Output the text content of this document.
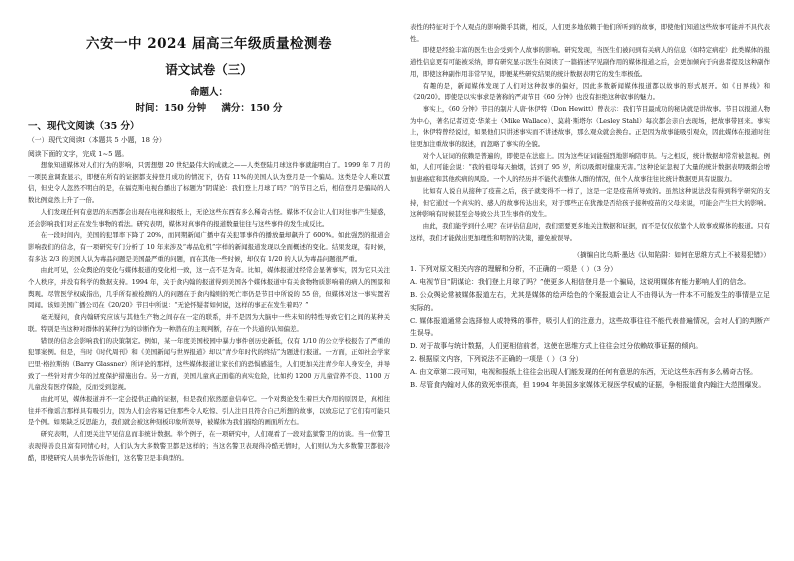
六安一中 2024 届高三年级质量检测卷
语文试卷（三）
命题人：
时间：150 分钟 满分：150 分
一、现代文阅读（35 分）
（一）现代文阅读Ⅰ（本题共 5 小题，18 分）
阅读下面的文字，完成 1~5 题。

想象知道媒体对人们行为的影响，只需想想 20 世纪最伟大的成就之——人类登陆月球这件事就能明白了。1999 年 7 月的一项民意调查显示，即便在所有的证据都支持登月成功的情况下，仍有 11%的美国人认为登月是一个骗局。这类是令人难以置信，但史令人忽然不明白的是，在福克斯电视台播出了标题为“阴谋论：我们登上月球了吗？”的节目之后，相信登月是骗局的人数比例竟然上升了一倍。

人们发现任何有意思的东西都会出现在电视和报纸上，无论这些东西有多么稀奇古怪。媒体不仅会让人们对往事产生疑惑，还会影响我们对正在发生事物的看法。研究表明，媒体对真事件的报道数量往往与这些事件的发生成反比。

在一段时间内，美国的犯罪率下降了 20%，而同期新闻广播中有关犯罪事件的播放量却飙升了 600%。如此强烈的报道会影响我们的信念，有一项研究专门分析了 10 年来涉及“毒品危机”字样的新闻报道发现以全面概述的变化。结果发现，有时候，有多达 2/3 的美国人认为毒品问题是美国最严重的问题，而在其他一些时候，却仅有 1/20 的人认为毒品问题很严重。

由此可见，公众舆论的变化与媒体报道的变化相一致，这一点不足为奇。比如，媒体报道过经常会显著事实，因为它只关注个人秩序，并没有科学的数据支持。1994 年，关于食内翰的报道得到美国各个媒体报道中有关食物物质影响着的病人的图景和舆观。尽管医学权威指出，几乎所有被检测的人的问题在于食内翰则的死亡率仍是节目中所说的 55 倍，但媒体对这一事实置若罔闻。该如美国广播公司在《20/20》节目中所说：“无论怀疑者如何说，这样的事正在发生着吗？”

毫无疑问，食内翰研究应该与其他生产物之间存在一定的联系，并不是因为大脑中一些未知的特性导致它们之间的某种关联。特别是当这种对群体的某种行为的诊断作为一种潜在的主观判断，存在一个共通的认知偏差。

错误的信念会影响我们的决策制定。例如，某一年度美国校园中暴力事件创历史新低，仅有 1/10 的公立学校报告了严重的犯罪案例。但是，当时《时代周刊》和《美国新闻与世界报道》却以“青少年时代的终结”为题进行报道。一方面，正如社会学家巴里·格拉斯纳（Barry Glassner）所评论的那样，这些媒体报道让家长们的恐惧感滋生，人们更加关注青少年人身安全，并导致了一些针对青少年的过度保护措施出台。另一方面，美国儿童真正面临的真实危险，比如约 1200 万儿童营养不良、1100 万儿童没有医疗保险，反而受到忽视。

由此可见，媒体报道并不一定会提供正确的证据，但是我们依然愿意信奉它。一个对舆论发生着巨大作用的原因是，真相往往并不像谣言那样具有吸引力，因为人们会容易记住那些令人吃惊、引人注目且符合自己所想的故事，以致忘记了它们有可能只是个例。如果缺乏反思能力，我们就会被这种刻板印象所误导，被媒体为我们描绘的画面所左右。

研究表明，人们更关注罕见信息而非统计数据。举个例子，在一项研究中，人们观看了一段对监狱警卫的访谈。当一位警卫表现得善良且富有同情心时，人们认为大多数警卫都是这样的；当这名警卫表现得冷酷无情时，人们则认为大多数警卫都很冷酷，即使研究人员事先告诉他们，这名警卫是非典型的。

表性的特征对于个人观点的影响微乎其微，相反，人们更多地依赖于他们所听到的故事，即使他们知道这些故事可能并不具代表性。

即使是经验丰富的医生也会受到个人故事的影响。研究发现，当医生们被问到有关病人的信息（如特定病症）此类媒体的报道性信息更有可能被采纳，即有研究显示医生在阅读了一篇描述罕见副作用的媒体报道之后，会更加倾向于向患者提及这种副作用，即使这种副作用非常罕见，即便某些研究结果的统计数据表明它的发生率极低。

有趣的是，新闻媒体发现了人们对这种叙事的偏好，因此多数新闻媒体报道都以故事的形式展开。如《日界线》和《20/20》。即使是以实事求是著称的严肃节目《60 分钟》也没有拒绝这种叙事的魅力。

事实上，《60 分钟》节目的制片人唐·休伊特（Don Hewitt）曾表示：我们节目最成功的秘诀就是讲故事。节目以报道人物为中心，著名记者迈克·华莱士（Mike Wallace）、莫莉·斯塔尔（Lesley Stahl）每次都会亲自去现场，把故事带回来。事实上，休伊特曾经说过，如果他们只讲述事实而不讲述故事，那么观众就会换台。正是因为故事能吸引观众，因此媒体在报道时往往更加注重故事的叙述，而忽略了事实的全貌。

对个人证词的依赖是普遍的，即使是在法庭上。因为这些证词能强烈地影响陪审员。与之相反，统计数据却常常被忽视。例如，人们可能会说：“我的祖母每天抽烟，活到了 95 岁，所以吸烟对健康无害。”这种论证忽视了大量的统计数据表明吸烟会增加患癌症和其他疾病的风险。一个人的经历并不能代表整体人群的情况，但个人故事往往比统计数据更具有说服力。

比如有人说自从接种了疫苗之后，孩子就变得不一样了，这是一定是疫苗所导致的。虽然这种说法没有得到科学研究的支持，但它通过一个真实的、感人的故事传达出来，对于那些正在犹豫是否给孩子接种疫苗的父母来说，可能会产生巨大的影响。这种影响有时候甚至会导致公共卫生事件的发生。

由此，我们能学到什么呢？在评估信息时，我们需要更多地关注数据和证据，而不是仅仅依靠个人故事或媒体的报道。只有这样，我们才能做出更加理性和明智的决策，避免被误导。

（摘编自比乌斯·墨达《认知陷阱：如何在思维方式上不被易犯错》）

1. 下列对原文相关内容的理解和分析，不正确的一项是（ ）（3 分）

A. 电视节目“阴谋论：我们登上月球了吗？”使更多人相信登月是一个骗局，这说明媒体有能力影响人们的信念。

B. 公众舆论常被媒体报道左右，尤其是媒体的绘声绘色的个案报道会让人不由得认为一件本不可能发生的事情是立足实际的。

C. 媒体报道通常会选择惊人或特殊的事件，吸引人们的注意力，这些故事往往不能代表普遍情况，会对人们的判断产生误导。

D. 对于故事与统计数据，人们更相信前者，这使在思维方式上往往会过分依赖故事证据的倾向。

2. 根据原文内容，下列说法不正确的一项是（ ）（3 分）

A. 由文章第二段可知，电视和报纸上往往会出现人们能发现的任何有意思的东西，无论这些东西有多么稀奇古怪。

B. 尽管食内翰对人体的致死率很高，但 1994 年美国多家媒体无视医学权威的证据，争相报道食内翰注大范围爆发。
